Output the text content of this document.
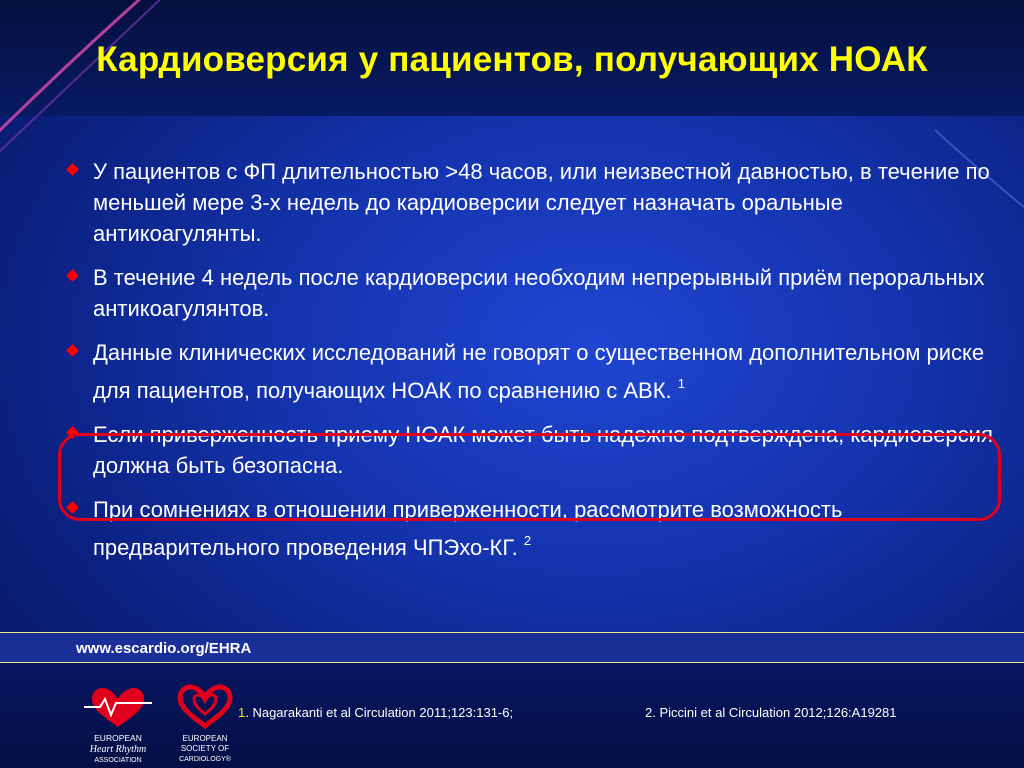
Кардиоверсия у пациентов, получающих НОАК
У пациентов с ФП длительностью >48 часов, или неизвестной давностью, в течение по меньшей мере 3-х недель до кардиоверсии следует назначать оральные антикоагулянты.
В течение 4 недель после кардиоверсии необходим непрерывный приём пероральных антикоагулянтов.
Данные клинических исследований не говорят о существенном дополнительном риске для пациентов, получающих НОАК по сравнению с АВК. $^1$
Если приверженность приему НОАК может быть надежно подтверждена, кардиоверсия должна быть безопасна.
При сомнениях в отношении приверженности, рассмотрите возможность предварительного проведения ЧПЭхо-КГ. $^2$
www.escardio.org/EHRA
EUROPEAN
Heart Rhythm
ASSOCIATION
EUROPEAN
SOCIETY OF
CARDIOLOGY®
1. Nagarakanti et al Circulation 2011;123:131-6;	2. Piccini et al Circulation 2012;126:A19281
